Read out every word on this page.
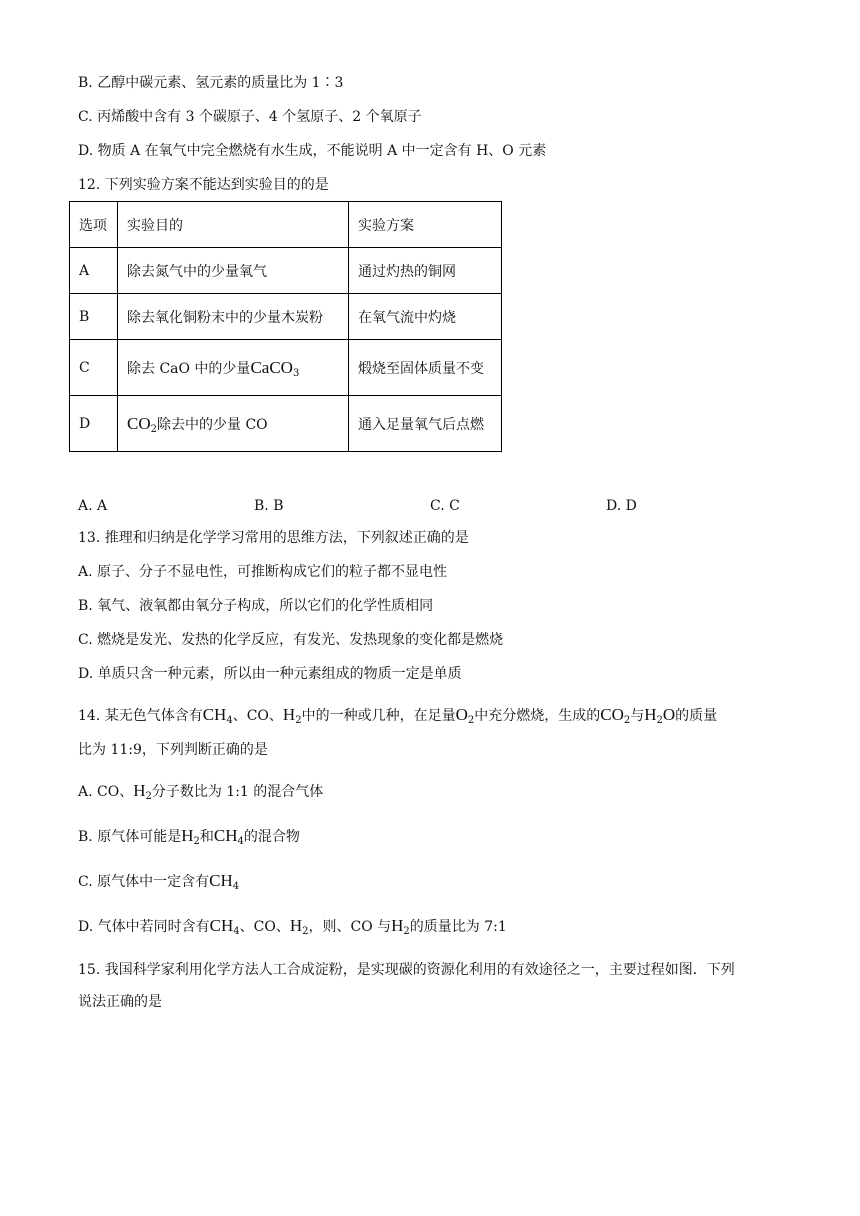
B. 乙醇中碳元素、氢元素的质量比为 1∶3
C. 丙烯酸中含有 3 个碳原子、4 个氢原子、2 个氧原子
D. 物质 A 在氧气中完全燃烧有水生成，不能说明 A 中一定含有 H、O 元素
12. 下列实验方案不能达到实验目的的是
选项	实验目的	实验方案
A	除去氮气中的少量氧气	通过灼热的铜网
B	除去氧化铜粉末中的少量木炭粉	在氧气流中灼烧
C	除去 CaO 中的少量CaCO$_3$	煅烧至固体质量不变
D	$CO_2$除去中的少量 CO	通入足量氧气后点燃
A. A	B. B	C. C	D. D
13. 推理和归纳是化学学习常用的思维方法，下列叙述正确的是
A. 原子、分子不显电性，可推断构成它们的粒子都不显电性
B. 氧气、液氧都由氧分子构成，所以它们的化学性质相同
C. 燃烧是发光、发热的化学反应，有发光、发热现象的变化都是燃烧
D. 单质只含一种元素，所以由一种元素组成的物质一定是单质
14. 某无色气体含有$CH_4$、CO、$H_2$中的一种或几种，在足量$O_2$中充分燃烧，生成的$CO_2$与$H_2O$的质量
比为 11:9，下列判断正确的是
A. CO、$H_2$分子数比为 1:1 的混合气体
B. 原气体可能是$H_2$和$CH_4$的混合物
C. 原气体中一定含有$CH_4$
D. 气体中若同时含有$CH_4$、CO、$H_2$，则、CO 与$H_2$的质量比为 7:1
15. 我国科学家利用化学方法人工合成淀粉，是实现碳的资源化利用的有效途径之一，主要过程如图．下列
说法正确的是
